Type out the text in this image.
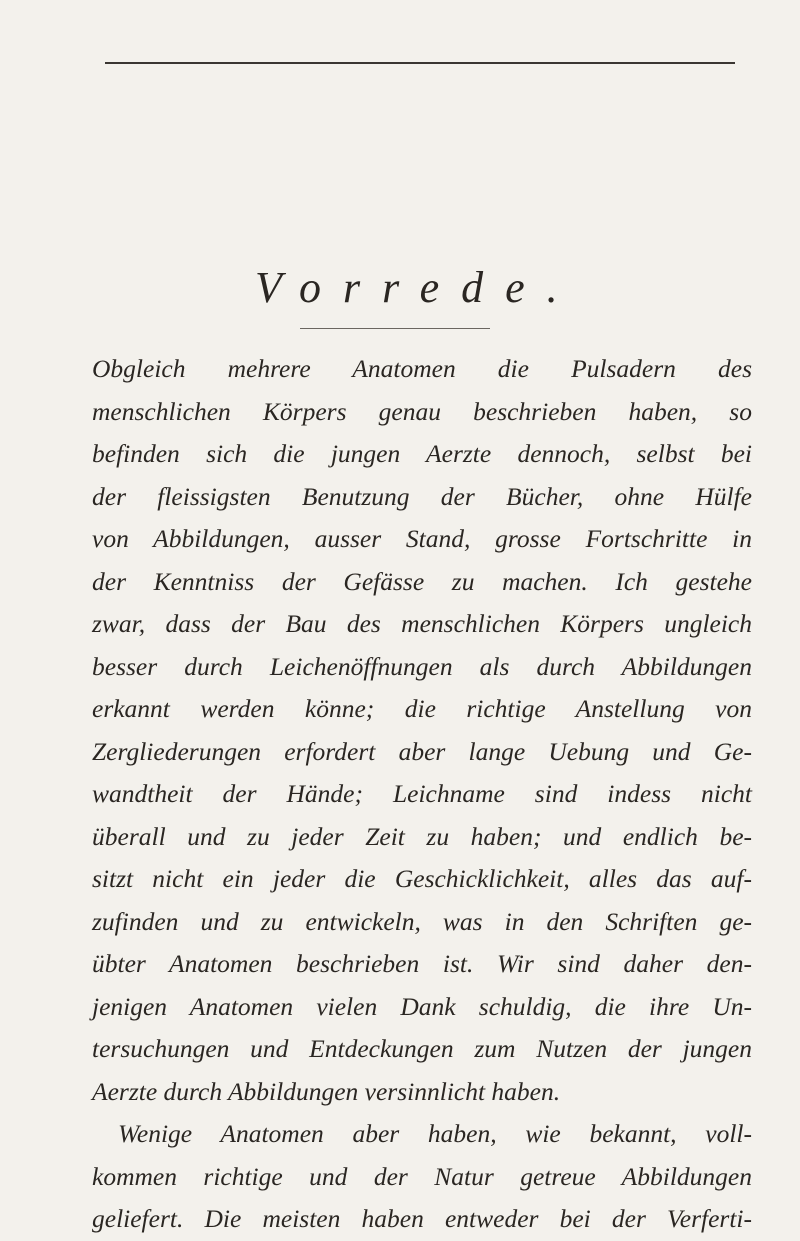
Vorrede.
Obgleich mehrere Anatomen die Pulsadern des
menschlichen Körpers genau beschrieben haben, so
befinden sich die jungen Aerzte dennoch, selbst bei
der fleissigsten Benutzung der Bücher, ohne Hülfe
von Abbildungen, ausser Stand, grosse Fortschritte in
der Kenntniss der Gefässe zu machen. Ich gestehe
zwar, dass der Bau des menschlichen Körpers ungleich
besser durch Leichenöffnungen als durch Abbildungen
erkannt werden könne; die richtige Anstellung von
Zergliederungen erfordert aber lange Uebung und Ge-
wandtheit der Hände; Leichname sind indess nicht
überall und zu jeder Zeit zu haben; und endlich be-
sitzt nicht ein jeder die Geschicklichkeit, alles das auf-
zufinden und zu entwickeln, was in den Schriften ge-
übter Anatomen beschrieben ist. Wir sind daher den-
jenigen Anatomen vielen Dank schuldig, die ihre Un-
tersuchungen und Entdeckungen zum Nutzen der jungen
Aerzte durch Abbildungen versinnlicht haben.
Wenige Anatomen aber haben, wie bekannt, voll-
kommen richtige und der Natur getreue Abbildungen
geliefert. Die meisten haben entweder bei der Verferti-
